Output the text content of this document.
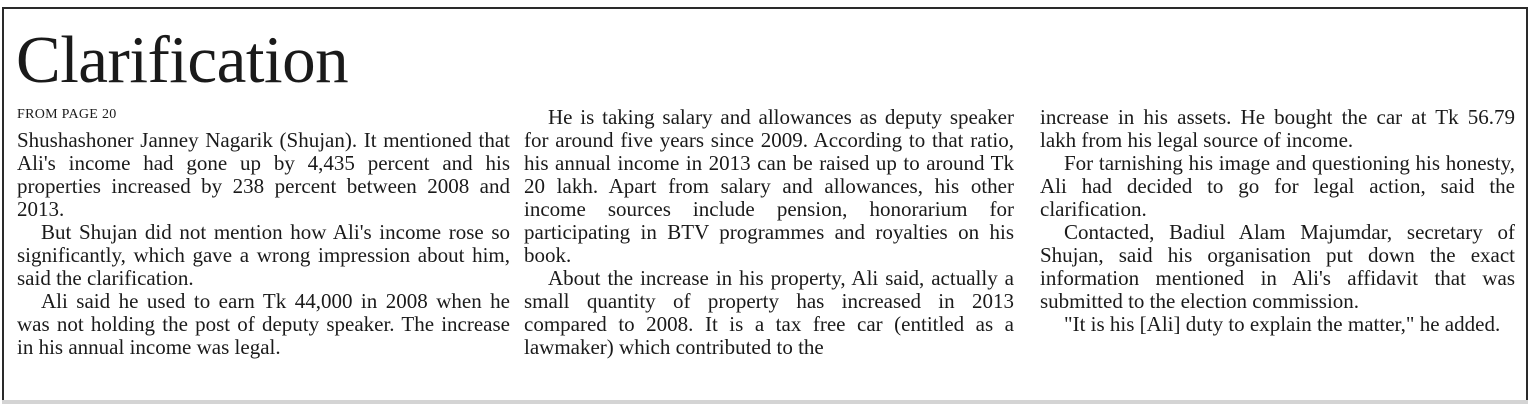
Clarification
FROM PAGE 20

Shushashoner Janney Nagarik (Shujan). It mentioned that Ali's income had gone up by 4,435 percent and his properties increased by 238 percent between 2008 and 2013.

But Shujan did not mention how Ali's income rose so significantly, which gave a wrong impression about him, said the clarification.

Ali said he used to earn Tk 44,000 in 2008 when he was not holding the post of deputy speaker. The increase in his annual income was legal.

He is taking salary and allowances as deputy speaker for around five years since 2009. According to that ratio, his annual income in 2013 can be raised up to around Tk 20 lakh. Apart from salary and allowances, his other income sources include pension, honorarium for participating in BTV programmes and royalties on his book.

About the increase in his property, Ali said, actually a small quantity of property has increased in 2013 compared to 2008. It is a tax free car (entitled as a lawmaker) which contributed to the

increase in his assets. He bought the car at Tk 56.79 lakh from his legal source of income.

For tarnishing his image and questioning his honesty, Ali had decided to go for legal action, said the clarification.

Contacted, Badiul Alam Majumdar, secretary of Shujan, said his organisation put down the exact information mentioned in Ali's affidavit that was submitted to the election commission.

"It is his [Ali] duty to explain the matter," he added.
